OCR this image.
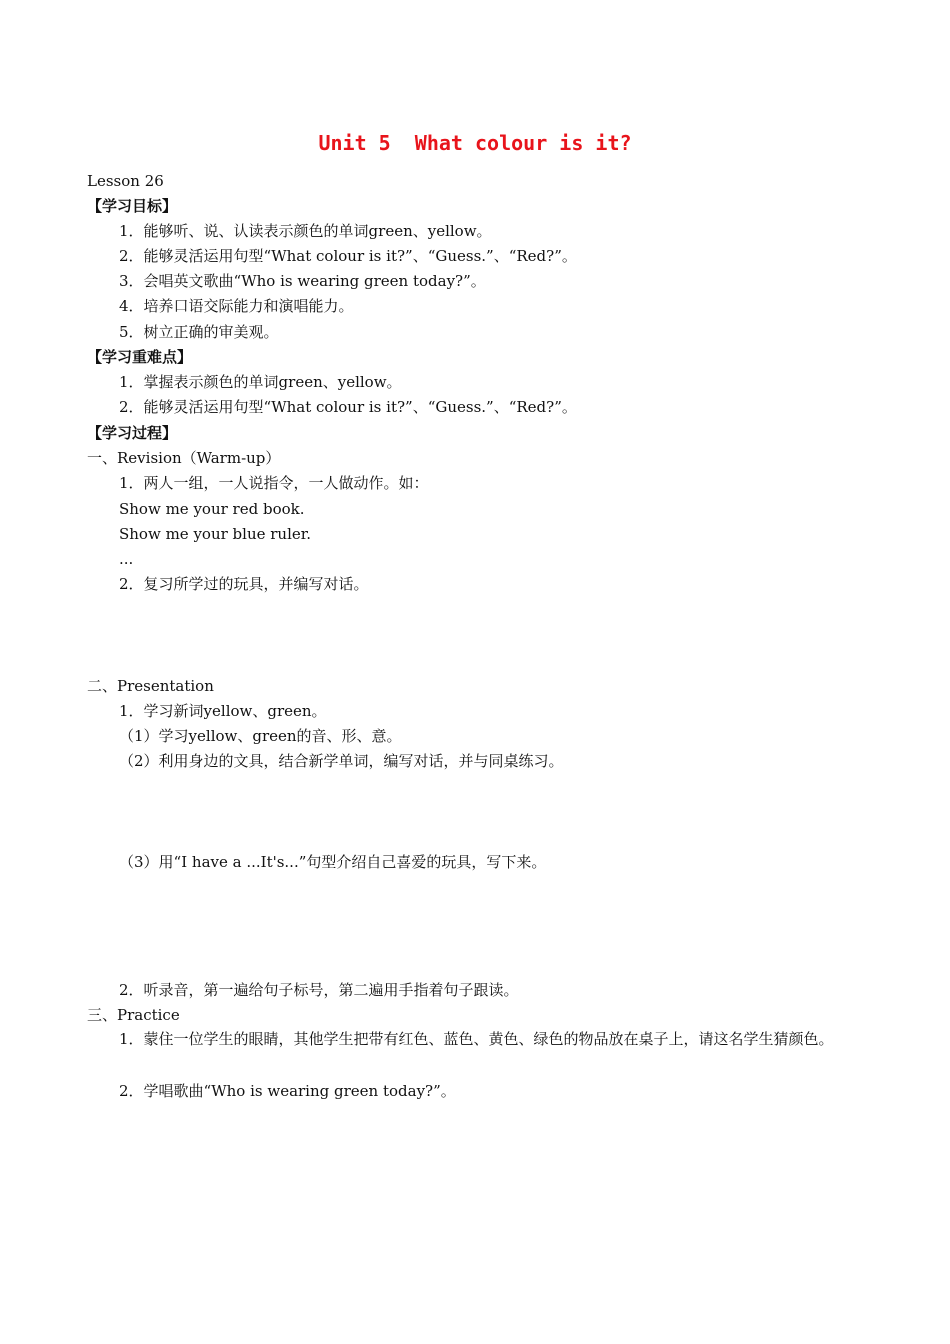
Unit 5  What colour is it?
Lesson 26
【学习目标】
1．能够听、说、认读表示颜色的单词green、yellow。
2．能够灵活运用句型“What colour is it?”、“Guess.”、“Red?”。
3．会唱英文歌曲“Who is wearing green today?”。
4．培养口语交际能力和演唱能力。
5．树立正确的审美观。
【学习重难点】
1．掌握表示颜色的单词green、yellow。
2．能够灵活运用句型“What colour is it?”、“Guess.”、“Red?”。
【学习过程】
一、Revision（Warm-up）
1．两人一组，一人说指令，一人做动作。如：
Show me your red book.
Show me your blue ruler.
...
2．复习所学过的玩具，并编写对话。
二、Presentation
1．学习新词yellow、green。
（1）学习yellow、green的音、形、意。
（2）利用身边的文具，结合新学单词，编写对话，并与同桌练习。
（3）用“I have a ...It's...”句型介绍自己喜爱的玩具，写下来。
2．听录音，第一遍给句子标号，第二遍用手指着句子跟读。
三、Practice
1．蒙住一位学生的眼睛，其他学生把带有红色、蓝色、黄色、绿色的物品放在桌子上，请这名学生猜颜色。
2．学唱歌曲“Who is wearing green today?”。
